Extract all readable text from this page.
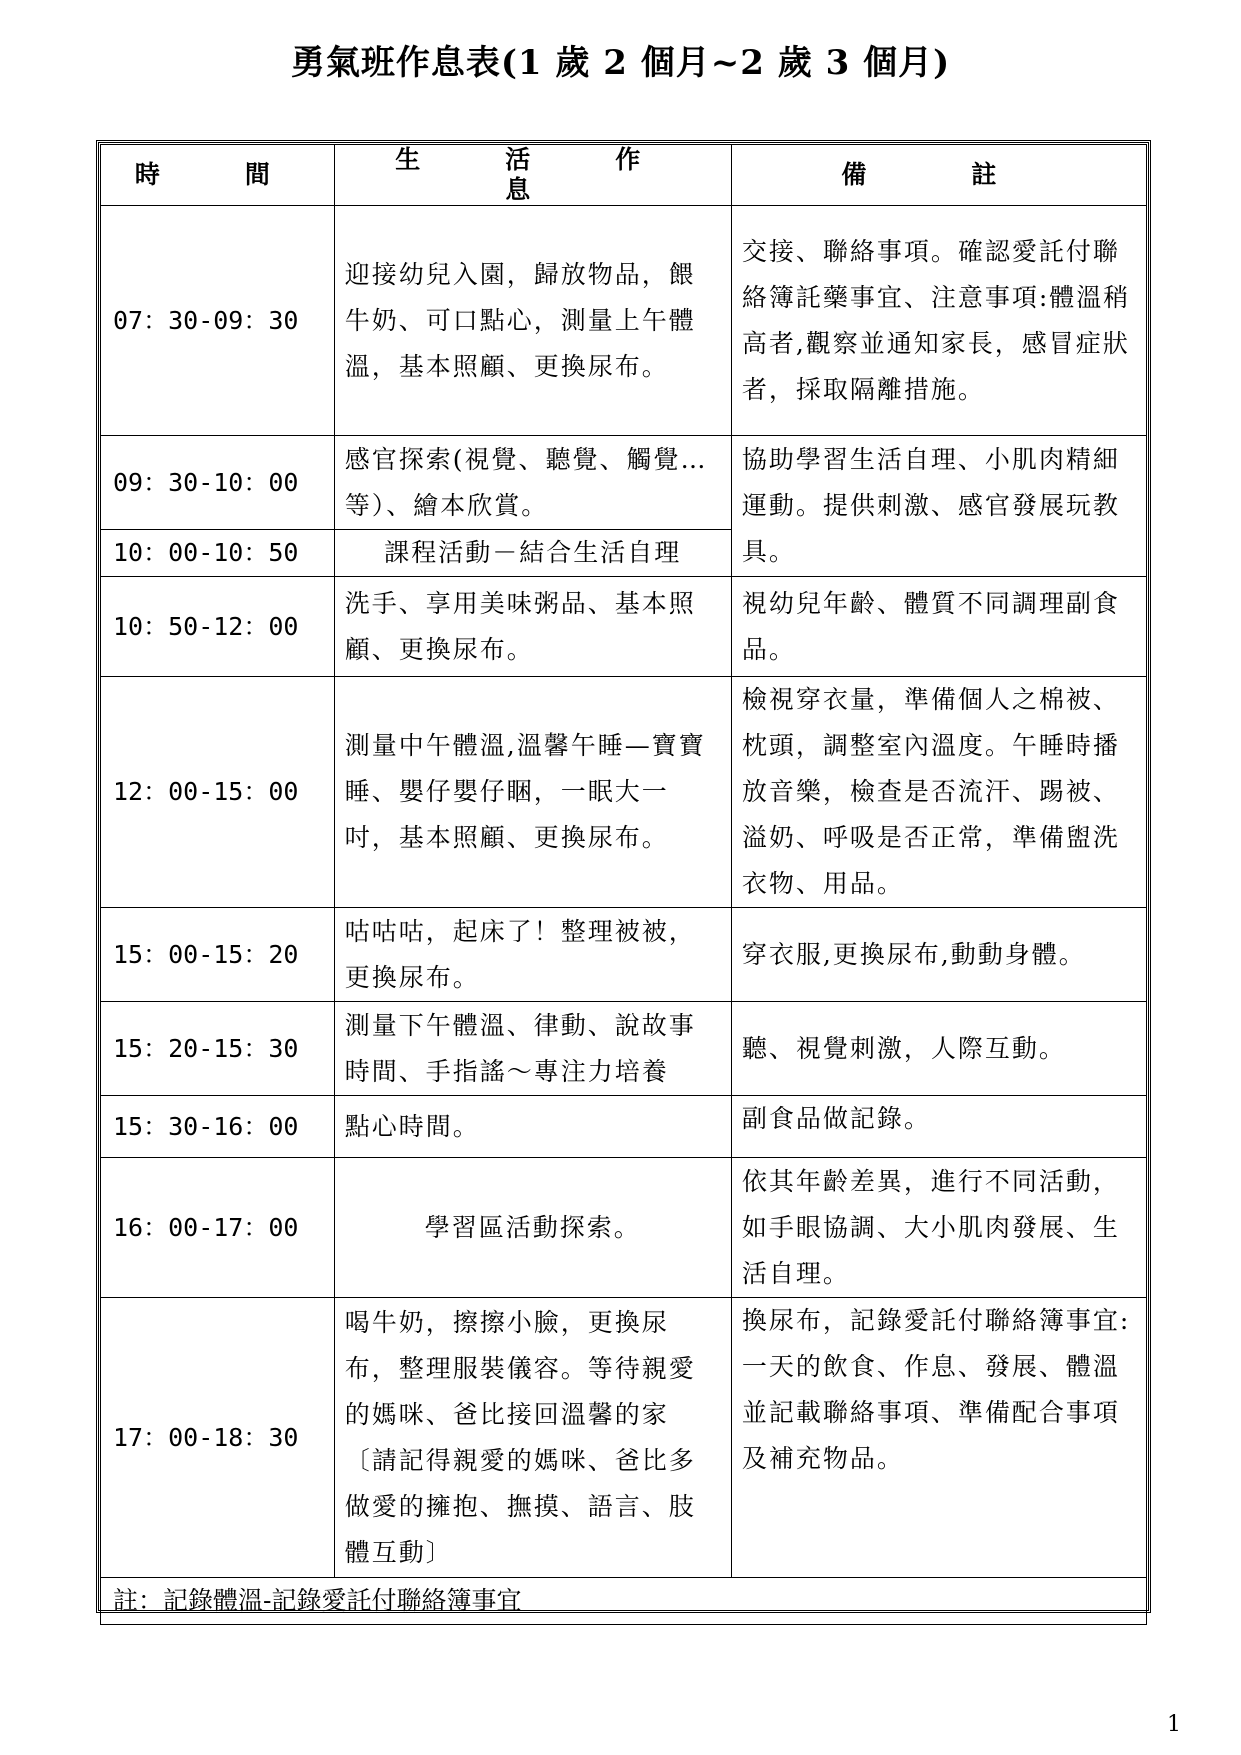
勇氣班作息表(1 歲 2 個月~2 歲 3 個月)
時　間	生　活　作　息	備　註
07：30-09：30	迎接幼兒入園，歸放物品，餵牛奶、可口點心，測量上午體溫，基本照顧、更換尿布。	交接、聯絡事項。確認愛託付聯絡簿託藥事宜、注意事項:體溫稍高者,觀察並通知家長，感冒症狀者，採取隔離措施。
09：30-10：00	感官探索(視覺、聽覺、觸覺…等）、繪本欣賞。	協助學習生活自理、小肌肉精細運動。提供刺激、感官發展玩教具。
10：00-10：50	課程活動－結合生活自理	
10：50-12：00	洗手、享用美味粥品、基本照顧、更換尿布。	視幼兒年齡、體質不同調理副食品。
12：00-15：00	測量中午體溫,溫馨午睡—寶寶睡、嬰仔嬰仔睏，一眠大一吋，基本照顧、更換尿布。	檢視穿衣量，準備個人之棉被、枕頭，調整室內溫度。午睡時播放音樂，檢查是否流汗、踢被、溢奶、呼吸是否正常，準備盥洗衣物、用品。
15：00-15：20	咕咕咕，起床了！整理被被，更換尿布。	穿衣服,更換尿布,動動身體。
15：20-15：30	測量下午體溫、律動、說故事時間、手指謠～專注力培養	聽、視覺刺激，人際互動。
15：30-16：00	點心時間。	副食品做記錄。
16：00-17：00	學習區活動探索。	依其年齡差異，進行不同活動，如手眼協調、大小肌肉發展、生活自理。
17：00-18：30	喝牛奶，擦擦小臉，更換尿布，整理服裝儀容。等待親愛的媽咪、爸比接回溫馨的家〔請記得親愛的媽咪、爸比多做愛的擁抱、撫摸、語言、肢體互動〕	換尿布，記錄愛託付聯絡簿事宜:一天的飲食、作息、發展、體溫並記載聯絡事項、準備配合事項及補充物品。
註：記錄體溫-記錄愛託付聯絡簿事宜		
1
